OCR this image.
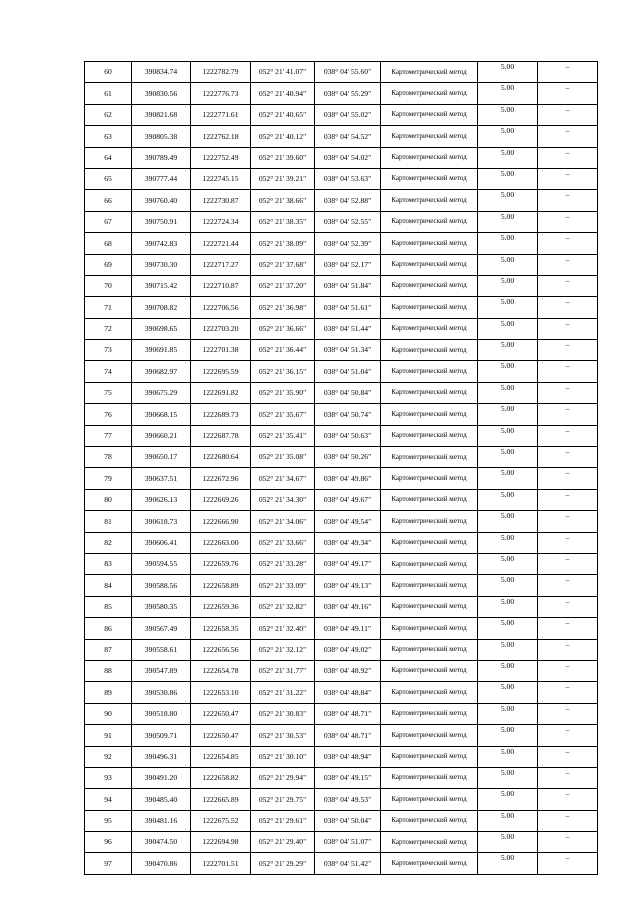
60	390834.74	1222782.79	052° 21' 41.07"	038° 04' 55.60"	Картометрический метод	5.00	–
61	390830.56	1222776.73	052° 21' 40.94"	038° 04' 55.29"	Картометрический метод	5.00	–
62	390821.68	1222771.61	052° 21' 40.65"	038° 04' 55.02"	Картометрический метод	5.00	–
63	390805.38	1222762.18	052° 21' 40.12"	038° 04' 54.52"	Картометрический метод	5.00	–
64	390789.49	1222752.49	052° 21' 39.60"	038° 04' 54.02"	Картометрический метод	5.00	–
65	390777.44	1222745.15	052° 21' 39.21"	038° 04' 53.63"	Картометрический метод	5.00	–
66	390760.40	1222730.87	052° 21' 38.66"	038° 04' 52.88"	Картометрический метод	5.00	–
67	390750.91	1222724.34	052° 21' 38.35"	038° 04' 52.55"	Картометрический метод	5.00	–
68	390742.83	1222721.44	052° 21' 38.09"	038° 04' 52.39"	Картометрический метод	5.00	–
69	390730.30	1222717.27	052° 21' 37.68"	038° 04' 52.17"	Картометрический метод	5.00	–
70	390715.42	1222710.87	052° 21' 37.20"	038° 04' 51.84"	Картометрический метод	5.00	–
71	390708.82	1222706.56	052° 21' 36.98"	038° 04' 51.61"	Картометрический метод	5.00	–
72	390698.65	1222703.20	052° 21' 36.66"	038° 04' 51.44"	Картометрический метод	5.00	–
73	390691.85	1222701.38	052° 21' 36.44"	038° 04' 51.34"	Картометрический метод	5.00	–
74	390682.97	1222695.59	052° 21' 36.15"	038° 04' 51.04"	Картометрический метод	5.00	–
75	390675.29	1222691.82	052° 21' 35.90"	038° 04' 50.84"	Картометрический метод	5.00	–
76	390668.15	1222689.73	052° 21' 35.67"	038° 04' 50.74"	Картометрический метод	5.00	–
77	390660.21	1222687.78	052° 21' 35.41"	038° 04' 50.63"	Картометрический метод	5.00	–
78	390650.17	1222680.64	052° 21' 35.08"	038° 04' 50.26"	Картометрический метод	5.00	–
79	390637.51	1222672.96	052° 21' 34.67"	038° 04' 49.86"	Картометрический метод	5.00	–
80	390626.13	1222669.26	052° 21' 34.30"	038° 04' 49.67"	Картометрический метод	5.00	–
81	390618.73	1222666.90	052° 21' 34.06"	038° 04' 49.54"	Картометрический метод	5.00	–
82	390606.41	1222663.00	052° 21' 33.66"	038° 04' 49.34"	Картометрический метод	5.00	–
83	390594.55	1222659.76	052° 21' 33.28"	038° 04' 49.17"	Картометрический метод	5.00	–
84	390588.56	1222658.89	052° 21' 33.09"	038° 04' 49.13"	Картометрический метод	5.00	–
85	390580.35	1222659.36	052° 21' 32.82"	038° 04' 49.16"	Картометрический метод	5.00	–
86	390567.49	1222658.35	052° 21' 32.40"	038° 04' 49.11"	Картометрический метод	5.00	–
87	390558.61	1222656.56	052° 21' 32.12"	038° 04' 49.02"	Картометрический метод	5.00	–
88	390547.89	1222654.78	052° 21' 31.77"	038° 04' 48.92"	Картометрический метод	5.00	–
89	390530.86	1222653.10	052° 21' 31.22"	038° 04' 48.84"	Картометрический метод	5.00	–
90	390518.80	1222650.47	052° 21' 30.83"	038° 04' 48.71"	Картометрический метод	5.00	–
91	390509.71	1222650.47	052° 21' 30.53"	038° 04' 48.71"	Картометрический метод	5.00	–
92	390496.31	1222654.85	052° 21' 30.10"	038° 04' 48.94"	Картометрический метод	5.00	–
93	390491.20	1222658.82	052° 21' 29.94"	038° 04' 49.15"	Картометрический метод	5.00	–
94	390485.40	1222665.89	052° 21' 29.75"	038° 04' 49.53"	Картометрический метод	5.00	–
95	390481.16	1222675.52	052° 21' 29.61"	038° 04' 50.04"	Картометрический метод	5.00	–
96	390474.50	1222694.98	052° 21' 29.40"	038° 04' 51.07"	Картометрический метод	5.00	–
97	390470.86	1222701.51	052° 21' 29.29"	038° 04' 51.42"	Картометрический метод	5.00	–
